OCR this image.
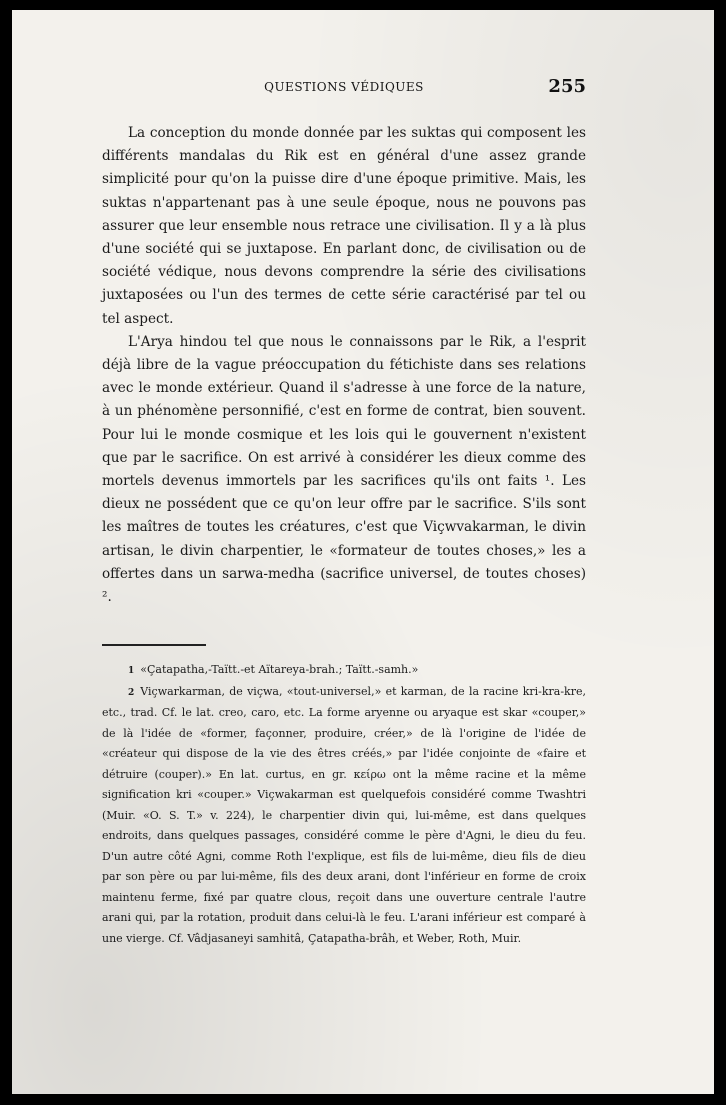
QUESTIONS VÉDIQUES	255

La conception du monde donnée par les suktas qui composent les différents mandalas du Rik est en général d'une assez grande simplicité pour qu'on la puisse dire d'une époque primitive. Mais, les suktas n'appartenant pas à une seule époque, nous ne pouvons pas assurer que leur ensemble nous retrace une civilisation. Il y a là plus d'une société qui se juxtapose. En parlant donc, de civilisation ou de société védique, nous devons comprendre la série des civilisations juxtaposées ou l'un des termes de cette série caractérisé par tel ou tel aspect.

L'Arya hindou tel que nous le connaissons par le Rik, a l'esprit déjà libre de la vague préoccupation du fétichiste dans ses relations avec le monde extérieur. Quand il s'adresse à une force de la nature, à un phénomène personnifié, c'est en forme de contrat, bien souvent. Pour lui le monde cosmique et les lois qui le gouvernent n'existent que par le sacrifice. On est arrivé à considérer les dieux comme des mortels devenus immortels par les sacrifices qu'ils ont faits ¹. Les dieux ne possédent que ce qu'on leur offre par le sacrifice. S'ils sont les maîtres de toutes les créatures, c'est que Viçwvakarman, le divin artisan, le divin charpentier, le «formateur de toutes choses,» les a offertes dans un sarwa-medha (sacrifice universel, de toutes choses) ².

1 «Çatapatha,-Taïtt.-et Aïtareya-brah.; Taïtt.-samh.»

2 Viçwarkarman, de viçwa, «tout-universel,» et karman, de la racine kri-kra-kre, etc., trad. Cf. le lat. creo, caro, etc. La forme aryenne ou aryaque est skar «couper,» de là l'idée de «former, façonner, produire, créer,» de là l'origine de l'idée de «créateur qui dispose de la vie des êtres créés,» par l'idée conjointe de «faire et détruire (couper).» En lat. curtus, en gr. κείρω ont la même racine et la même signification kri «couper.» Viçwakarman est quelquefois considéré comme Twashtri (Muir. «O. S. T.» v. 224), le charpentier divin qui, lui-même, est dans quelques endroits, dans quelques passages, considéré comme le père d'Agni, le dieu du feu. D'un autre côté Agni, comme Roth l'explique, est fils de lui-même, dieu fils de dieu par son père ou par lui-même, fils des deux arani, dont l'inférieur en forme de croix maintenu ferme, fixé par quatre clous, reçoit dans une ouverture centrale l'autre arani qui, par la rotation, produit dans celui-là le feu. L'arani inférieur est comparé à une vierge. Cf. Vâdjasaneyi samhitâ, Çatapatha-brâh, et Weber, Roth, Muir.
